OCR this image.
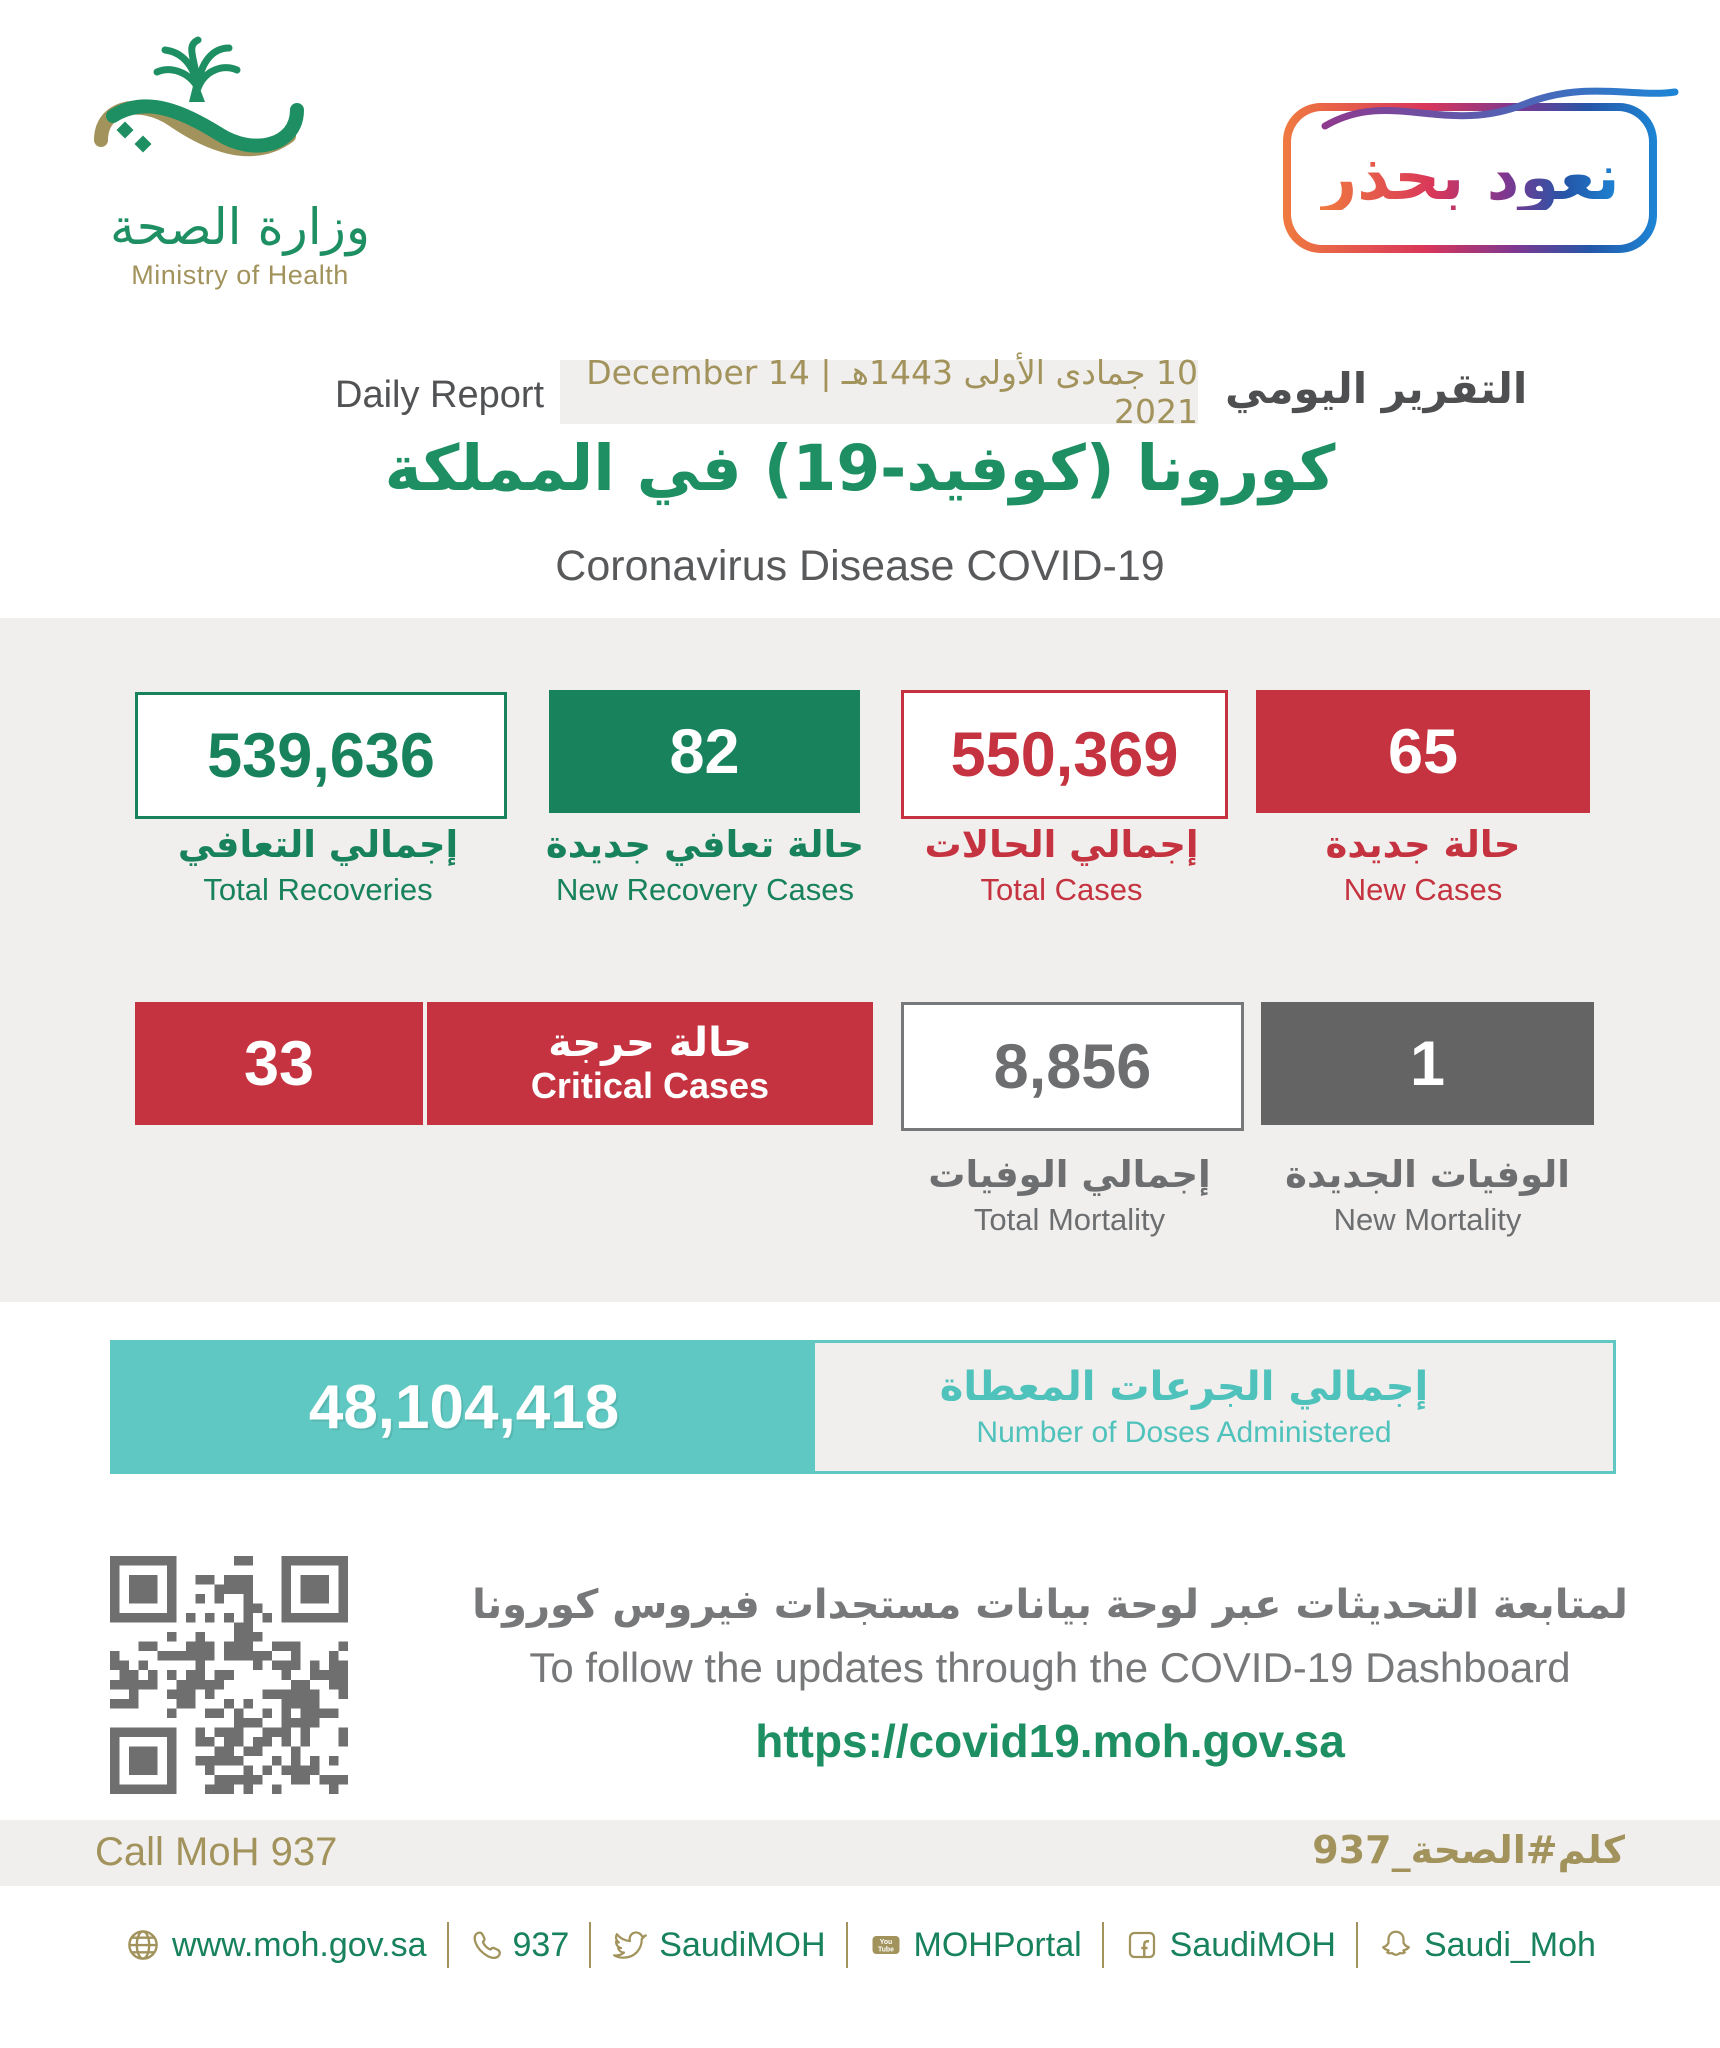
وزارة الصحة
Ministry of Health
نعود بحذر
Daily Report
10 جمادى الأولى 1443هـ | 14 December 2021 التقرير اليومي
كورونا (كوفيد-19) في المملكة
Coronavirus Disease COVID-19
539,636
إجمالي التعافي
Total Recoveries
82
حالة تعافي جديدة
New Recovery Cases
550,369
إجمالي الحالات
Total Cases
65
حالة جديدة
New Cases
33	حالة حرجة
Critical Cases	8,856
إجمالي الوفيات
Total Mortality
1
الوفيات الجديدة
New Mortality
48,104,418	إجمالي الجرعات المعطاة
Number of Doses Administered
لمتابعة التحديثات عبر لوحة بيانات مستجدات فيروس كورونا
To follow the updates through the COVID-19 Dashboard
https://covid19.moh.gov.sa
Call MoH 937	كلم#الصحة_937
www.moh.gov.sa	937	SaudiMOH	You
Tube MOHPortal	SaudiMOH	Saudi_Moh
